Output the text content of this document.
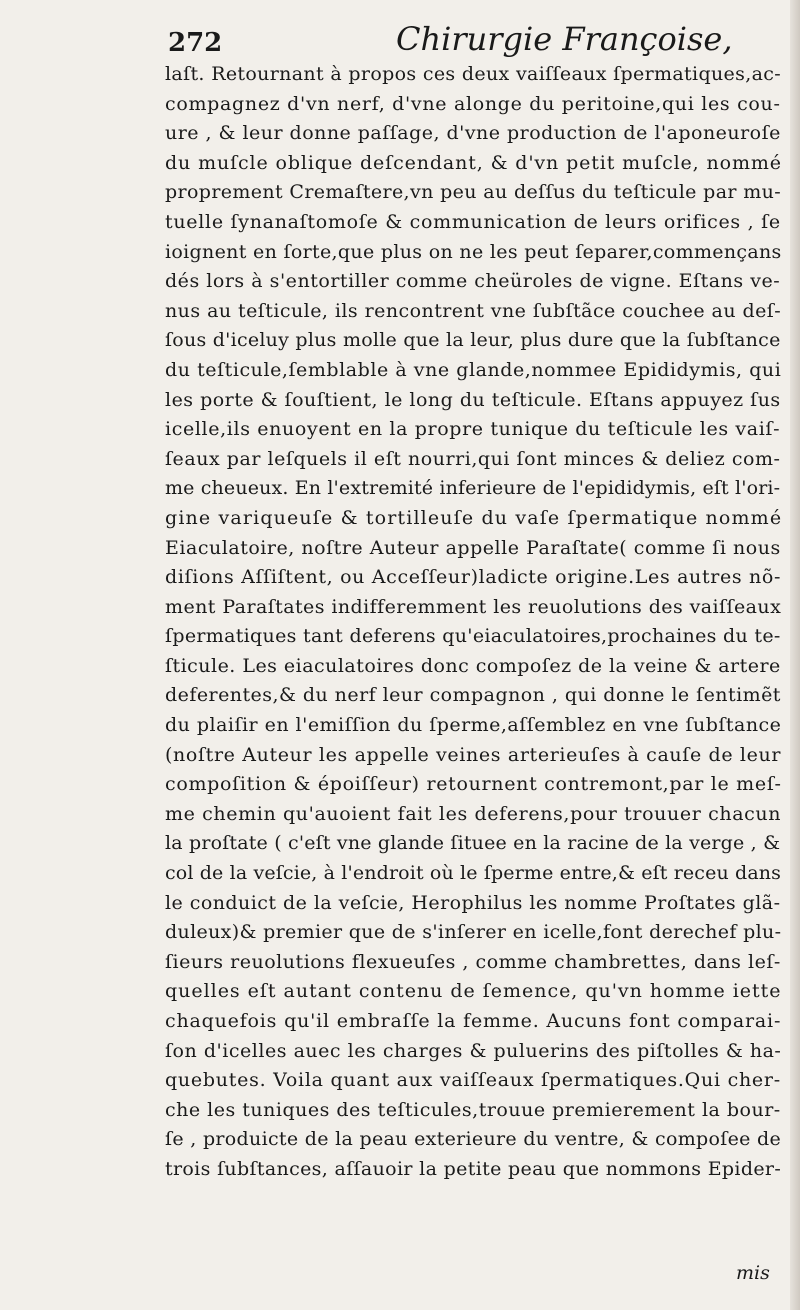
272	Chirurgie Françoise,
laſt. Retournant à propos ces deux vaiſſeaux ſpermatiques,ac-
compagnez d'vn nerf, d'vne alonge du peritoine,qui les cou-
ure , & leur donne paſſage, d'vne production de l'aponeuroſe
du muſcle oblique deſcendant, & d'vn petit muſcle, nommé
proprement Cremaſtere,vn peu au deſſus du teſticule par mu-
tuelle ſynanaſtomoſe & communication de leurs orifices , ſe
ioignent en ſorte,que plus on ne les peut ſeparer,commençans
dés lors à s'entortiller comme cheüroles de vigne. Eſtans ve-
nus au teſticule, ils rencontrent vne ſubſtãce couchee au deſ-
ſous d'iceluy plus molle que la leur, plus dure que la ſubſtance
du teſticule,ſemblable à vne glande,nommee Epididymis, qui
les porte & ſouſtient, le long du teſticule. Eſtans appuyez ſus
icelle,ils enuoyent en la propre tunique du teſticule les vaiſ-
ſeaux par leſquels il eſt nourri,qui ſont minces & deliez com-
me cheueux. En l'extremité inferieure de l'epididymis, eſt l'ori-
gine variqueuſe & tortilleuſe du vaſe ſpermatique nommé
Eiaculatoire, noſtre Auteur appelle Paraſtate( comme ſi nous
diſions Aſſiſtent, ou Acceſſeur)ladicte origine.Les autres nõ-
ment Paraſtates indifferemment les reuolutions des vaiſſeaux
ſpermatiques tant deferens qu'eiaculatoires,prochaines du te-
ſticule. Les eiaculatoires donc compoſez de la veine & artere
deferentes,& du nerf leur compagnon , qui donne le ſentimẽt
du plaiſir en l'emiſſion du ſperme,aſſemblez en vne ſubſtance
(noſtre Auteur les appelle veines arterieuſes à cauſe de leur
compoſition & époiſſeur) retournent contremont,par le meſ-
me chemin qu'auoient fait les deferens,pour trouuer chacun
la proſtate ( c'eſt vne glande ſituee en la racine de la verge , &
col de la veſcie, à l'endroit où le ſperme entre,& eſt receu dans
le conduict de la veſcie, Herophilus les nomme Proſtates glã-
duleux)& premier que de s'inſerer en icelle,font derechef plu-
ſieurs reuolutions flexueuſes , comme chambrettes, dans leſ-
quelles eſt autant contenu de ſemence, qu'vn homme iette
chaquefois qu'il embraſſe la femme. Aucuns font comparai-
ſon d'icelles auec les charges & puluerins des piſtolles & ha-
quebutes. Voila quant aux vaiſſeaux ſpermatiques.Qui cher-
che les tuniques des teſticules,trouue premierement la bour-
ſe , produicte de la peau exterieure du ventre, & compoſee de
trois ſubſtances, aſſauoir la petite peau que nommons Epider-
mis
